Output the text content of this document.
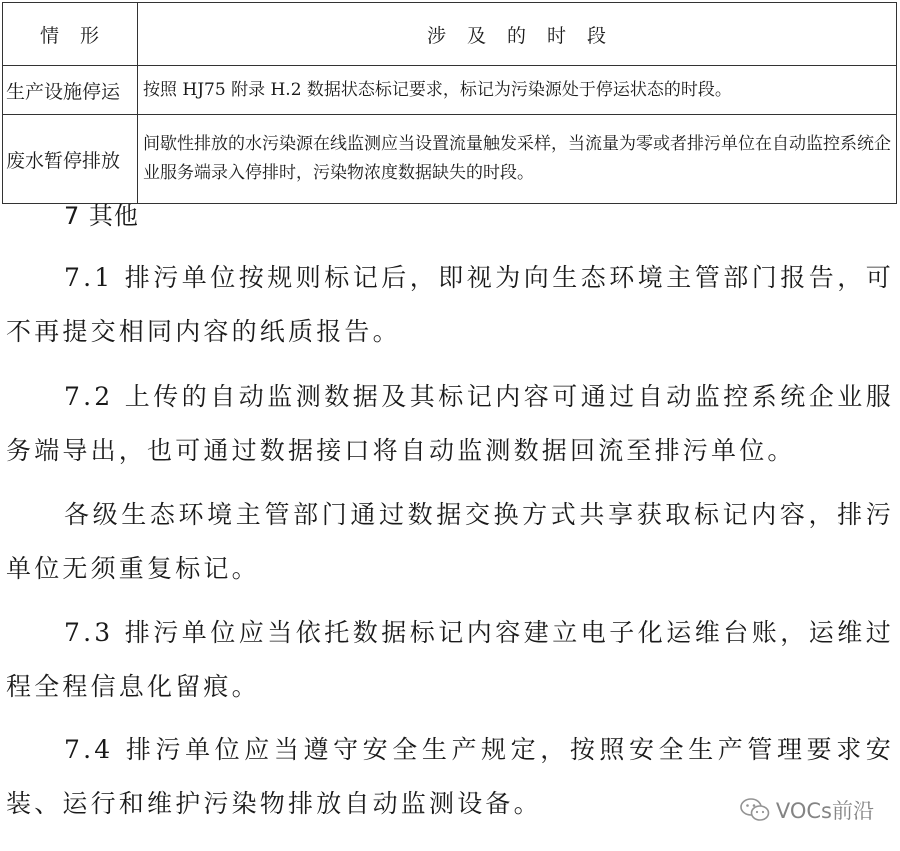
情　形	涉　及　的　时　段
生产设施停运	按照 HJ75 附录 H.2 数据状态标记要求，标记为污染源处于停运状态的时段。
废水暂停排放	间歇性排放的水污染源在线监测应当设置流量触发采样，当流量为零或者排污单位在自动监控系统企业服务端录入停排时，污染物浓度数据缺失的时段。
7 其他

7.1 排污单位按规则标记后，即视为向生态环境主管部门报告，可不再提交相同内容的纸质报告。

7.2 上传的自动监测数据及其标记内容可通过自动监控系统企业服务端导出，也可通过数据接口将自动监测数据回流至排污单位。

各级生态环境主管部门通过数据交换方式共享获取标记内容，排污单位无须重复标记。

7.3 排污单位应当依托数据标记内容建立电子化运维台账，运维过程全程信息化留痕。

7.4 排污单位应当遵守安全生产规定，按照安全生产管理要求安装、运行和维护污染物排放自动监测设备。	VOCs前沿
